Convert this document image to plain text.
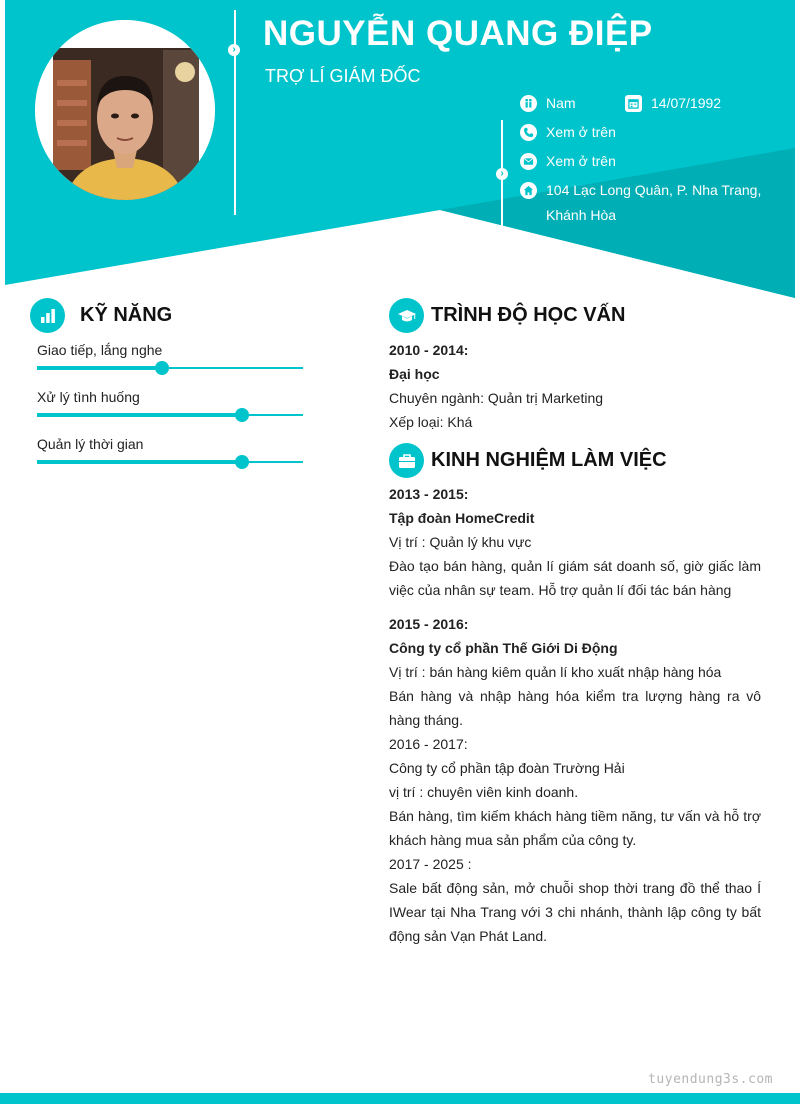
›
›
NGUYỄN QUANG ĐIỆP
TRỢ LÍ GIÁM ĐỐC
Nam	14/07/1992
Xem ở trên
Xem ở trên
104 Lạc Long Quân, P. Nha Trang,
Khánh Hòa
KỸ NĂNG
Giao tiếp, lắng nghe
Xử lý tình huống
Quản lý thời gian
TRÌNH ĐỘ HỌC VẤN
2010 - 2014:
Đại học
Chuyên ngành: Quản trị Marketing
Xếp loại: Khá
KINH NGHIỆM LÀM VIỆC
2013 - 2015:
Tập đoàn HomeCredit
Vị trí : Quản lý khu vực
Đào tạo bán hàng, quản lí giám sát doanh số, giờ giấc làm việc của nhân sự team. Hỗ trợ quản lí đối tác bán hàng
2015 - 2016:
Công ty cổ phần Thế Giới Di Động
Vị trí : bán hàng kiêm quản lí kho xuất nhập hàng hóa
Bán hàng và nhập hàng hóa kiểm tra lượng hàng ra vô hàng tháng.
2016 - 2017:
Công ty cổ phần tập đoàn Trường Hải
vị trí : chuyên viên kinh doanh.
Bán hàng, tìm kiếm khách hàng tiềm năng, tư vấn và hỗ trợ khách hàng mua sản phẩm của công ty.
2017 - 2025 :
Sale bất động sản, mở chuỗi shop thời trang đồ thể thao Í IWear tại Nha Trang với 3 chi nhánh, thành lập công ty bất động sản Vạn Phát Land.
tuyendung3s.com
